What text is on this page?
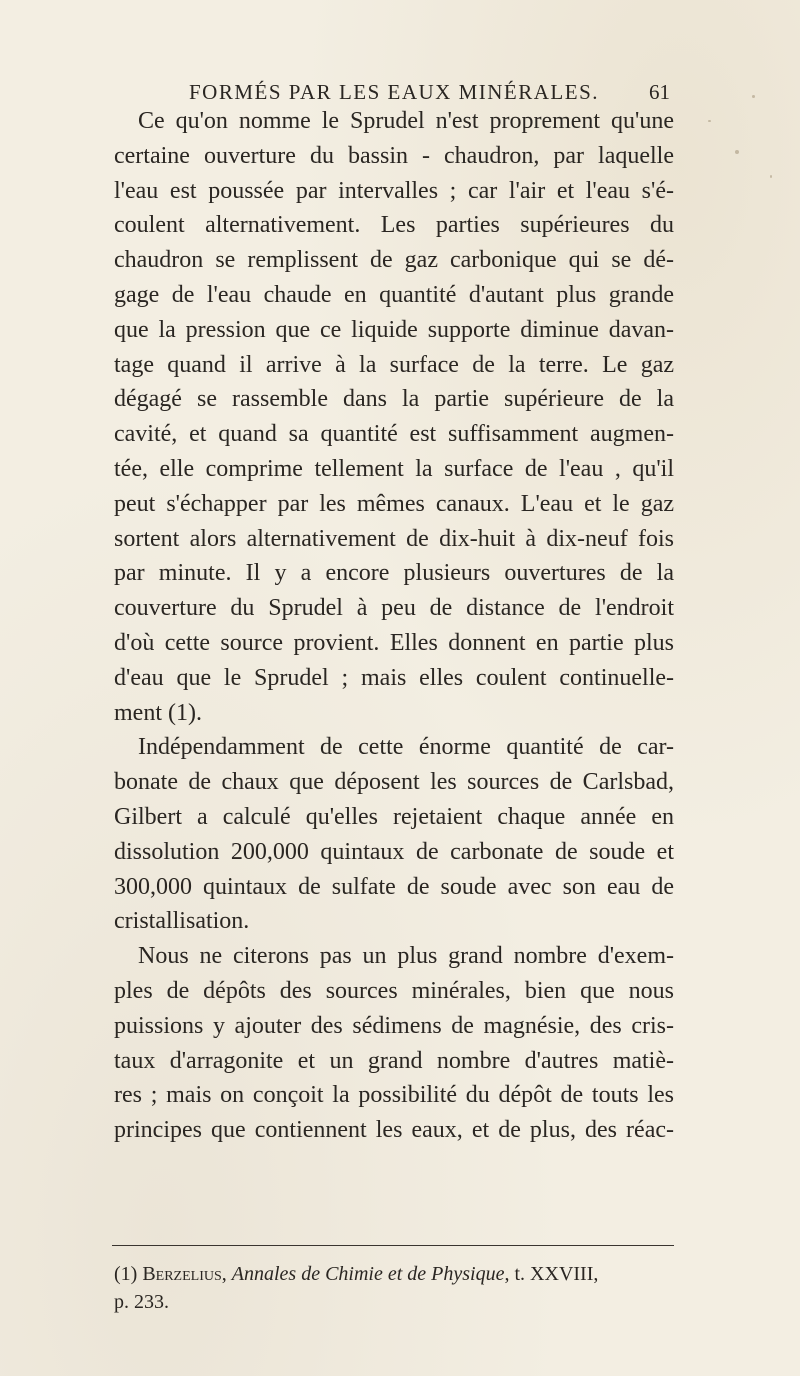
FORMÉS PAR LES EAUX MINÉRALES.	61
Ce qu'on nomme le Sprudel n'est proprement qu'une
certaine ouverture du bassin - chaudron, par laquelle
l'eau est poussée par intervalles ; car l'air et l'eau s'é-
coulent alternativement. Les parties supérieures du
chaudron se remplissent de gaz carbonique qui se dé-
gage de l'eau chaude en quantité d'autant plus grande
que la pression que ce liquide supporte diminue davan-
tage quand il arrive à la surface de la terre. Le gaz
dégagé se rassemble dans la partie supérieure de la
cavité, et quand sa quantité est suffisamment augmen-
tée, elle comprime tellement la surface de l'eau , qu'il
peut s'échapper par les mêmes canaux. L'eau et le gaz
sortent alors alternativement de dix-huit à dix-neuf fois
par minute. Il y a encore plusieurs ouvertures de la
couverture du Sprudel à peu de distance de l'endroit
d'où cette source provient. Elles donnent en partie plus
d'eau que le Sprudel ; mais elles coulent continuelle-
ment (1).
Indépendamment de cette énorme quantité de car-
bonate de chaux que déposent les sources de Carlsbad,
Gilbert a calculé qu'elles rejetaient chaque année en
dissolution 200,000 quintaux de carbonate de soude et
300,000 quintaux de sulfate de soude avec son eau de
cristallisation.
Nous ne citerons pas un plus grand nombre d'exem-
ples de dépôts des sources minérales, bien que nous
puissions y ajouter des sédimens de magnésie, des cris-
taux d'arragonite et un grand nombre d'autres matiè-
res ; mais on conçoit la possibilité du dépôt de touts les
principes que contiennent les eaux, et de plus, des réac-
(1) Berzelius, Annales de Chimie et de Physique, t. XXVIII,
p. 233.
